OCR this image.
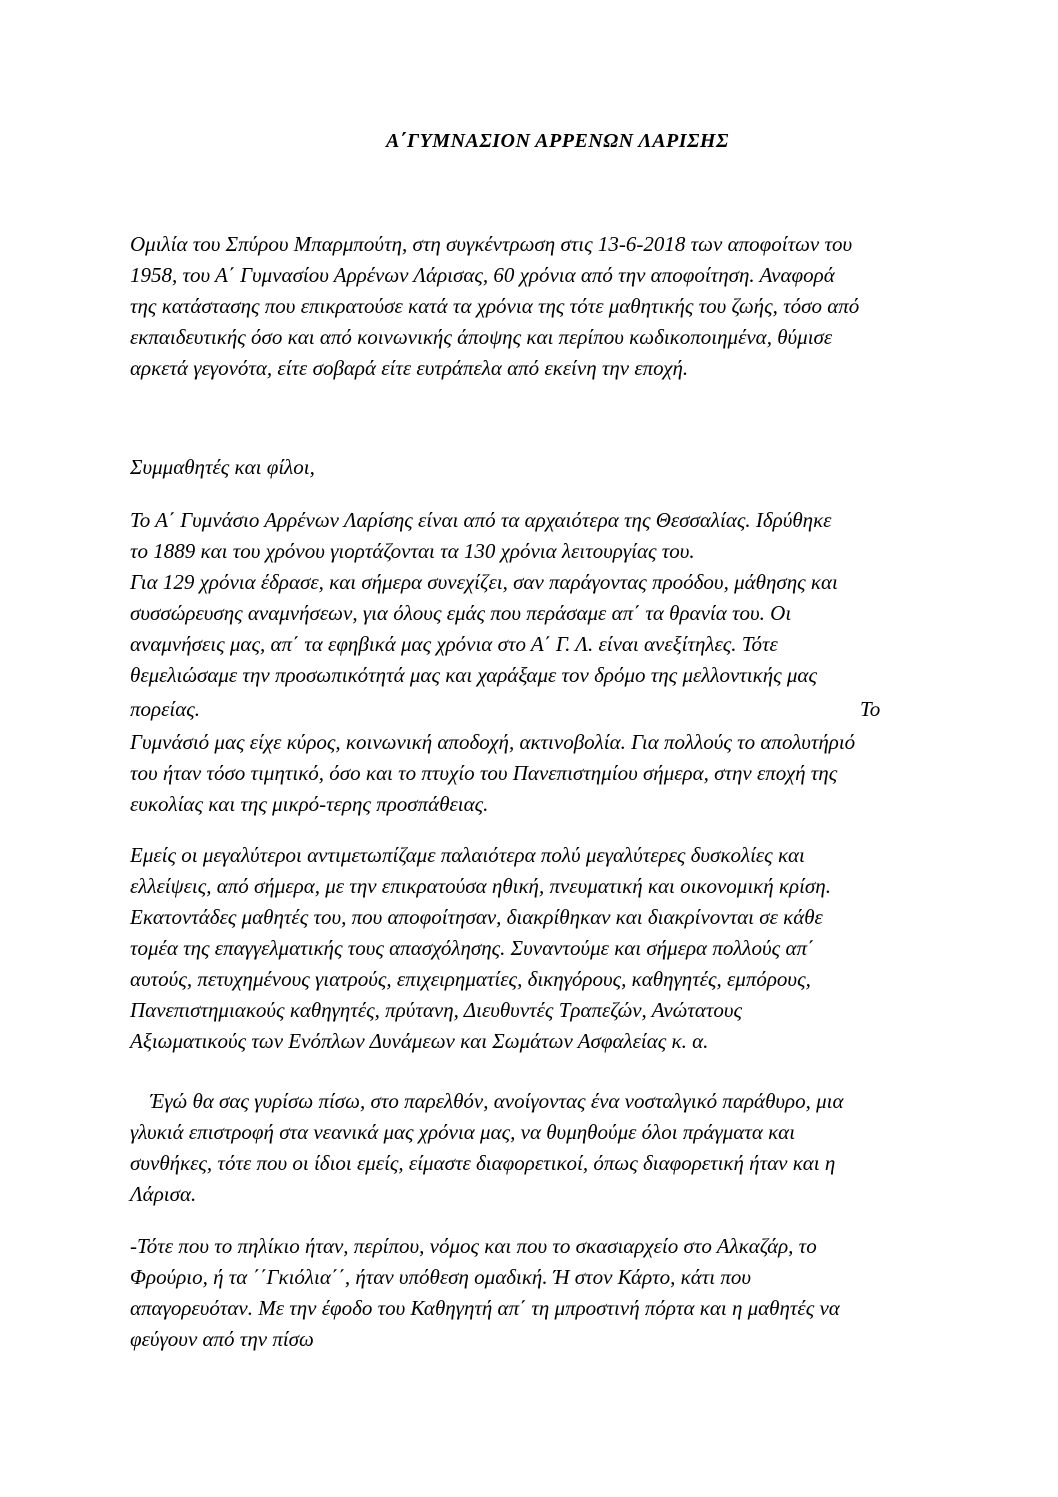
Α΄ΓΥΜΝΑΣΙΟΝ ΑΡΡΕΝΩΝ ΛΑΡΙΣΗΣ
Ομιλία του Σπύρου Μπαρμπούτη, στη συγκέντρωση στις 13-6-2018 των αποφοίτων του
1958, του Α΄ Γυμνασίου Αρρένων Λάρισας, 60 χρόνια από την αποφοίτηση. Αναφορά
της κατάστασης που επικρατούσε κατά τα χρόνια της τότε μαθητικής του ζωής, τόσο από
εκπαιδευτικής όσο και από κοινωνικής άποψης και περίπου κωδικοποιημένα, θύμισε
αρκετά γεγονότα, είτε σοβαρά είτε ευτράπελα από εκείνη την εποχή.
Συμμαθητές και φίλοι,
Το Α΄ Γυμνάσιο Αρρένων Λαρίσης είναι από τα αρχαιότερα της Θεσσαλίας. Ιδρύθηκε
το 1889 και του χρόνου γιορτάζονται τα 130 χρόνια λειτουργίας του.
Για 129 χρόνια έδρασε, και σήμερα συνεχίζει, σαν παράγοντας προόδου, μάθησης και
συσσώρευσης αναμνήσεων, για όλους εμάς που περάσαμε απ΄ τα θρανία του. Οι
αναμνήσεις μας, απ΄ τα εφηβικά μας χρόνια στο Α΄ Γ. Λ. είναι ανεξίτηλες. Τότε
θεμελιώσαμε την προσωπικότητά μας και χαράξαμε τον δρόμο της μελλοντικής μας
πορείας.	Το
Γυμνάσιό μας είχε κύρος, κοινωνική αποδοχή, ακτινοβολία. Για πολλούς το απολυτήριό
του ήταν τόσο τιμητικό, όσο και το πτυχίο του Πανεπιστημίου σήμερα, στην εποχή της
ευκολίας και της μικρό-τερης προσπάθειας.
Εμείς οι μεγαλύτεροι αντιμετωπίζαμε παλαιότερα πολύ μεγαλύτερες δυσκολίες και
ελλείψεις, από σήμερα, με την επικρατούσα ηθική, πνευματική και οικονομική κρίση.
Εκατοντάδες μαθητές του, που αποφοίτησαν, διακρίθηκαν και διακρίνονται σε κάθε
τομέα της επαγγελματικής τους απασχόλησης. Συναντούμε και σήμερα πολλούς απ΄
αυτούς, πετυχημένους γιατρούς, επιχειρηματίες, δικηγόρους, καθηγητές, εμπόρους,
Πανεπιστημιακούς καθηγητές, πρύτανη, Διευθυντές Τραπεζών, Ανώτατους
Αξιωματικούς των Ενόπλων Δυνάμεων και Σωμάτων Ασφαλείας κ. α.
Έγώ θα σας γυρίσω πίσω, στο παρελθόν, ανοίγοντας ένα νοσταλγικό παράθυρο, μια
γλυκιά επιστροφή στα νεανικά μας χρόνια μας, να θυμηθούμε όλοι πράγματα και
συνθήκες, τότε που οι ίδιοι εμείς, είμαστε διαφορετικοί, όπως διαφορετική ήταν και η
Λάρισα.
-Τότε που το πηλίκιο ήταν, περίπου, νόμος και που το σκασιαρχείο στο Αλκαζάρ, το
Φρούριο, ή τα ΄΄Γκιόλια΄΄, ήταν υπόθεση ομαδική. Ή στον Κάρτο, κάτι που
απαγορευόταν. Με την έφοδο του Καθηγητή απ΄ τη μπροστινή πόρτα και η μαθητές να
φεύγουν από την πίσω
